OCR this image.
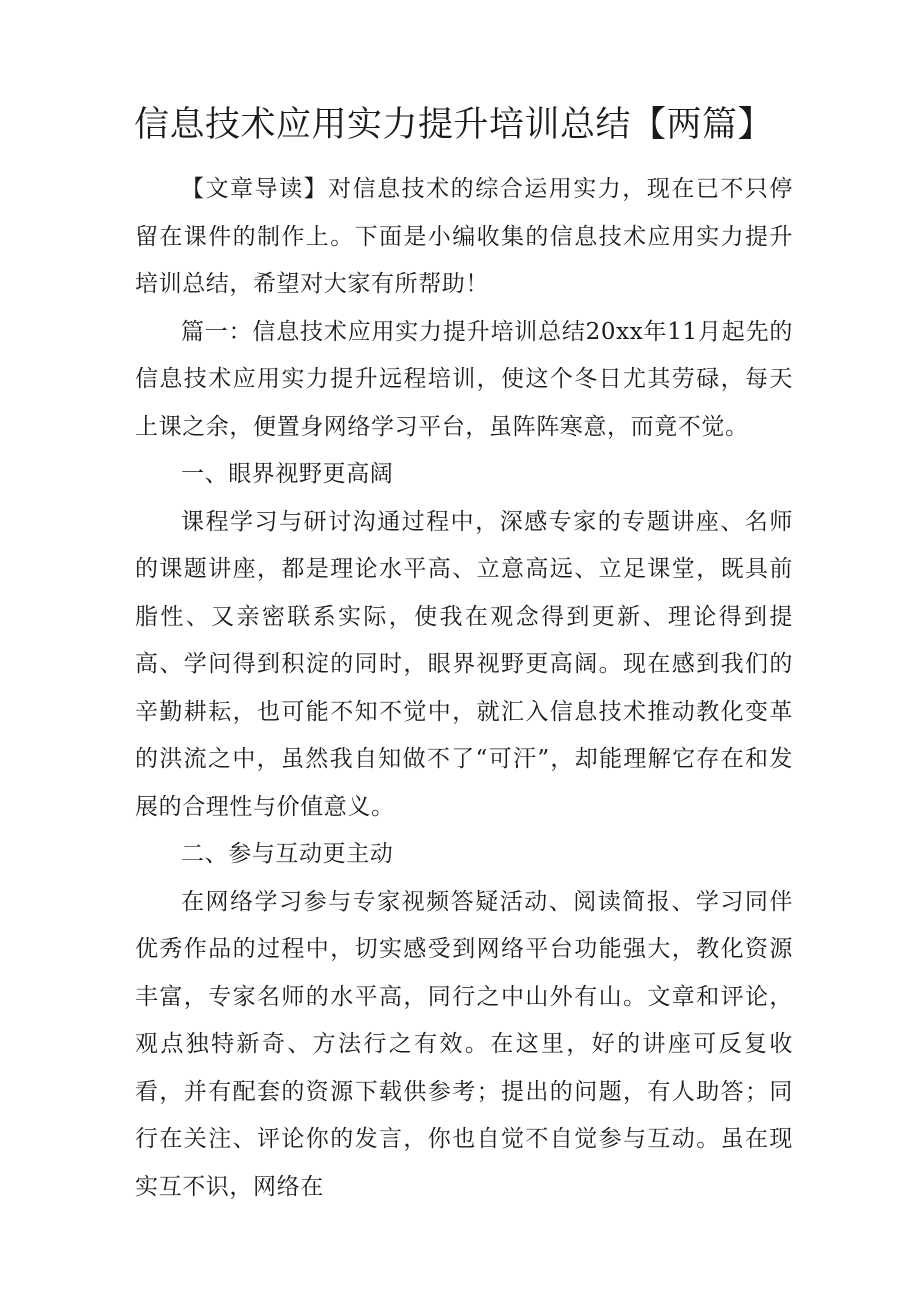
信息技术应用实力提升培训总结【两篇】

【文章导读】对信息技术的综合运用实力，现在已不只停留在课件的制作上。下面是小编收集的信息技术应用实力提升培训总结，希望对大家有所帮助！

篇一：信息技术应用实力提升培训总结20xx年11月起先的信息技术应用实力提升远程培训，使这个冬日尤其劳碌，每天上课之余，便置身网络学习平台，虽阵阵寒意，而竟不觉。

一、眼界视野更高阔

课程学习与研讨沟通过程中，深感专家的专题讲座、名师的课题讲座，都是理论水平高、立意高远、立足课堂，既具前脂性、又亲密联系实际，使我在观念得到更新、理论得到提高、学问得到积淀的同时，眼界视野更高阔。现在感到我们的辛勤耕耘，也可能不知不觉中，就汇入信息技术推动教化变革的洪流之中，虽然我自知做不了“可汗”，却能理解它存在和发展的合理性与价值意义。

二、参与互动更主动

在网络学习参与专家视频答疑活动、阅读简报、学习同伴优秀作品的过程中，切实感受到网络平台功能强大，教化资源丰富，专家名师的水平高，同行之中山外有山。文章和评论，观点独特新奇、方法行之有效。在这里，好的讲座可反复收看，并有配套的资源下载供参考；提出的问题，有人助答；同行在关注、评论你的发言，你也自觉不自觉参与互动。虽在现实互不识，网络在
